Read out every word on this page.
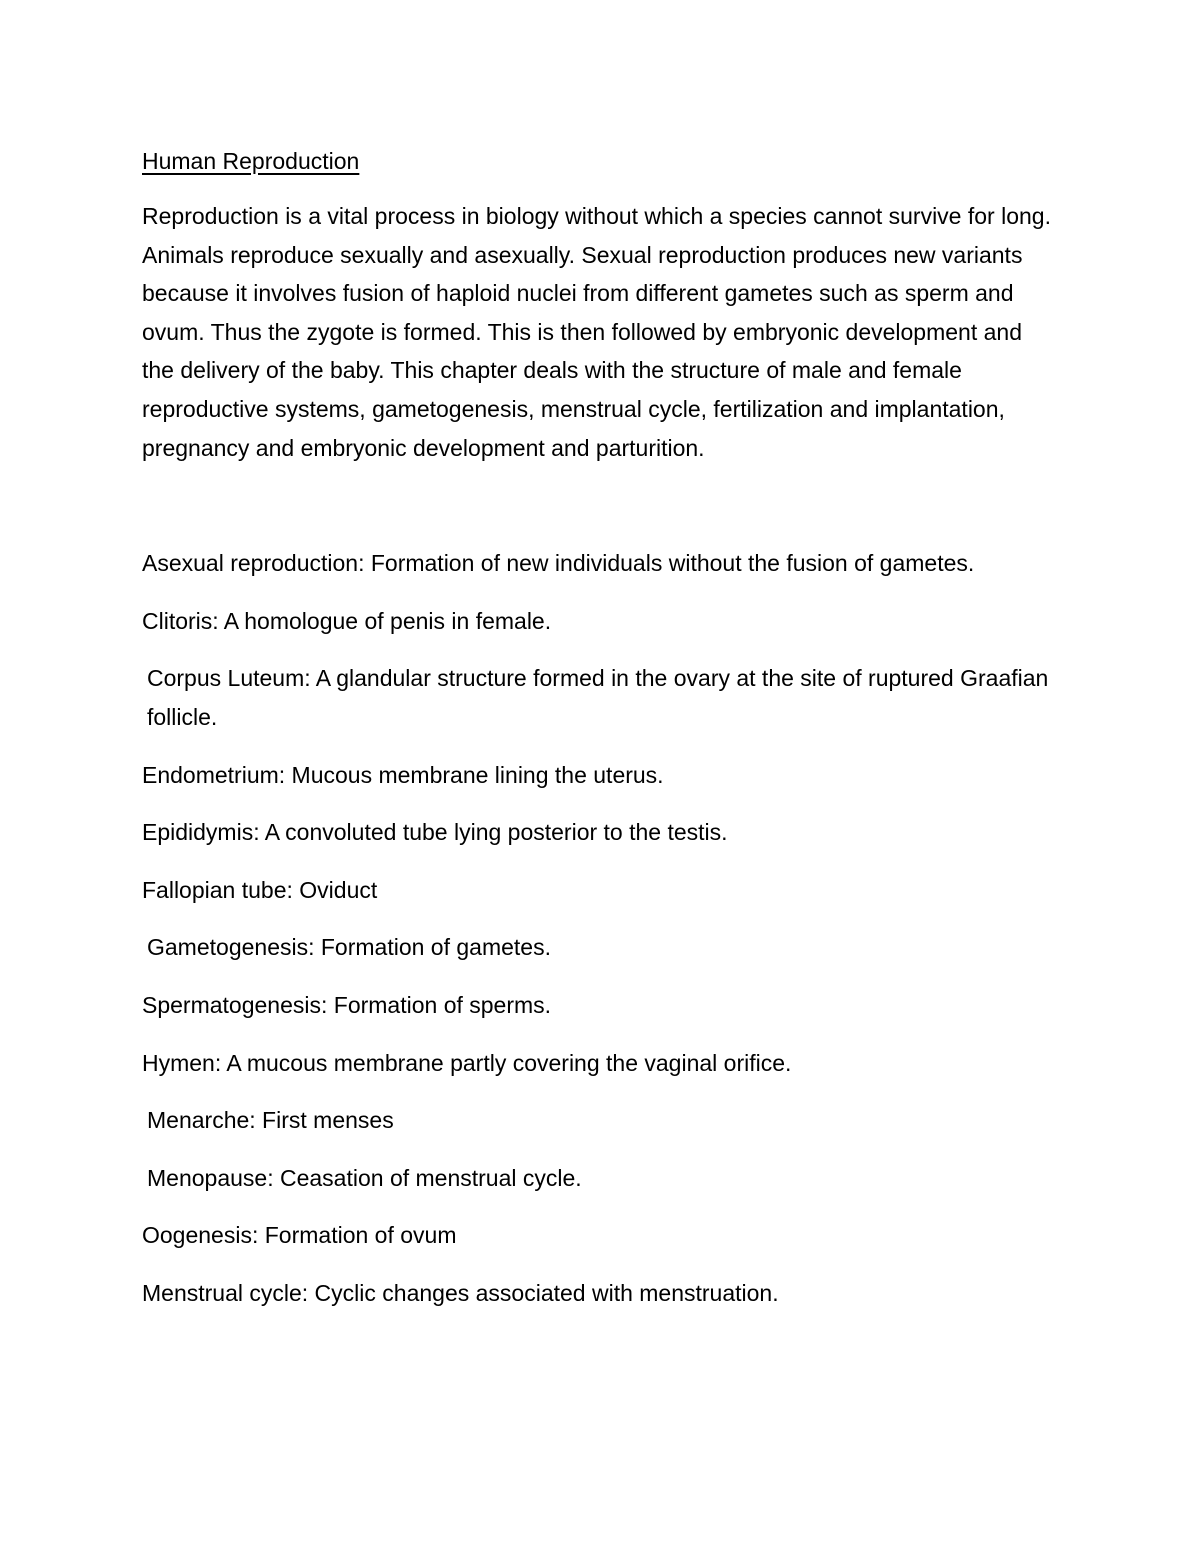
Human Reproduction

Reproduction is a vital process in biology without which a species cannot survive for long. Animals reproduce sexually and asexually. Sexual reproduction produces new variants because it involves fusion of haploid nuclei from different gametes such as sperm and ovum. Thus the zygote is formed. This is then followed by embryonic development and the delivery of the baby. This chapter deals with the structure of male and female reproductive systems, gametogenesis, menstrual cycle, fertilization and implantation, pregnancy and embryonic development and parturition.

Asexual reproduction: Formation of new individuals without the fusion of gametes.

Clitoris: A homologue of penis in female.

Corpus Luteum: A glandular structure formed in the ovary at the site of ruptured Graafian follicle.

Endometrium: Mucous membrane lining the uterus.

Epididymis: A convoluted tube lying posterior to the testis.

Fallopian tube: Oviduct

Gametogenesis: Formation of gametes.

Spermatogenesis: Formation of sperms.

Hymen: A mucous membrane partly covering the vaginal orifice.

Menarche: First menses

Menopause: Ceasation of menstrual cycle.

Oogenesis: Formation of ovum

Menstrual cycle: Cyclic changes associated with menstruation.
